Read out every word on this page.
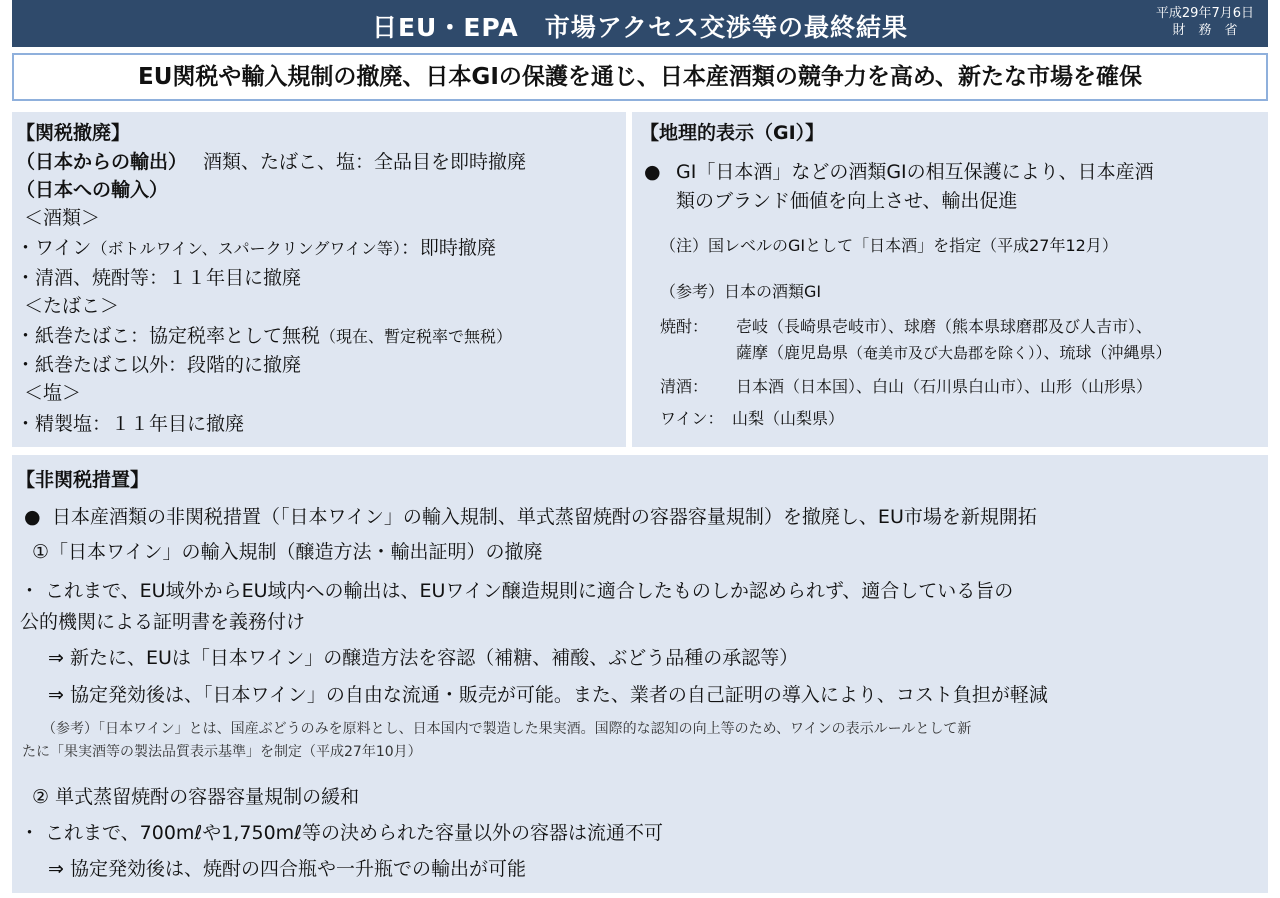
日EU・EPA　市場アクセス交渉等の最終結果	平成29年7月6日
財　務　省
EU関税や輸入規制の撤廃、日本GIの保護を通じ、日本産酒類の競争力を高め、新たな市場を確保
【関税撤廃】
（日本からの輸出） 酒類、たばこ、塩：全品目を即時撤廃
（日本への輸入）
＜酒類＞
・ワイン（ボトルワイン、スパークリングワイン等）：即時撤廃
・清酒、焼酎等：１１年目に撤廃
＜たばこ＞
・紙巻たばこ：協定税率として無税（現在、暫定税率で無税）
・紙巻たばこ以外：段階的に撤廃
＜塩＞
・精製塩：１１年目に撤廃
【地理的表示（GI）】
● GI「日本酒」などの酒類GIの相互保護により、日本産酒
類のブランド価値を向上させ、輸出促進
（注）国レベルのGIとして「日本酒」を指定（平成27年12月）
（参考）日本の酒類GI
焼酎： 壱岐（長崎県壱岐市）、球磨（熊本県球磨郡及び人吉市）、
薩摩（鹿児島県（奄美市及び大島郡を除く））、琉球（沖縄県）
清酒： 日本酒（日本国）、白山（石川県白山市）、山形（山形県）
ワイン： 山梨（山梨県）
【非関税措置】
● 日本産酒類の非関税措置（「日本ワイン」の輸入規制、単式蒸留焼酎の容器容量規制）を撤廃し、EU市場を新規開拓
①「日本ワイン」の輸入規制（醸造方法・輸出証明）の撤廃
・ これまで、EU域外からEU域内への輸出は、EUワイン醸造規則に適合したものしか認められず、適合している旨の
公的機関による証明書を義務付け
⇒ 新たに、EUは「日本ワイン」の醸造方法を容認（補糖、補酸、ぶどう品種の承認等）
⇒ 協定発効後は、「日本ワイン」の自由な流通・販売が可能。また、業者の自己証明の導入により、コスト負担が軽減
（参考）「日本ワイン」とは、国産ぶどうのみを原料とし、日本国内で製造した果実酒。国際的な認知の向上等のため、ワインの表示ルールとして新
たに「果実酒等の製法品質表示基準」を制定（平成27年10月）
② 単式蒸留焼酎の容器容量規制の緩和
・ これまで、700mℓや1,750mℓ等の決められた容量以外の容器は流通不可
⇒ 協定発効後は、焼酎の四合瓶や一升瓶での輸出が可能
